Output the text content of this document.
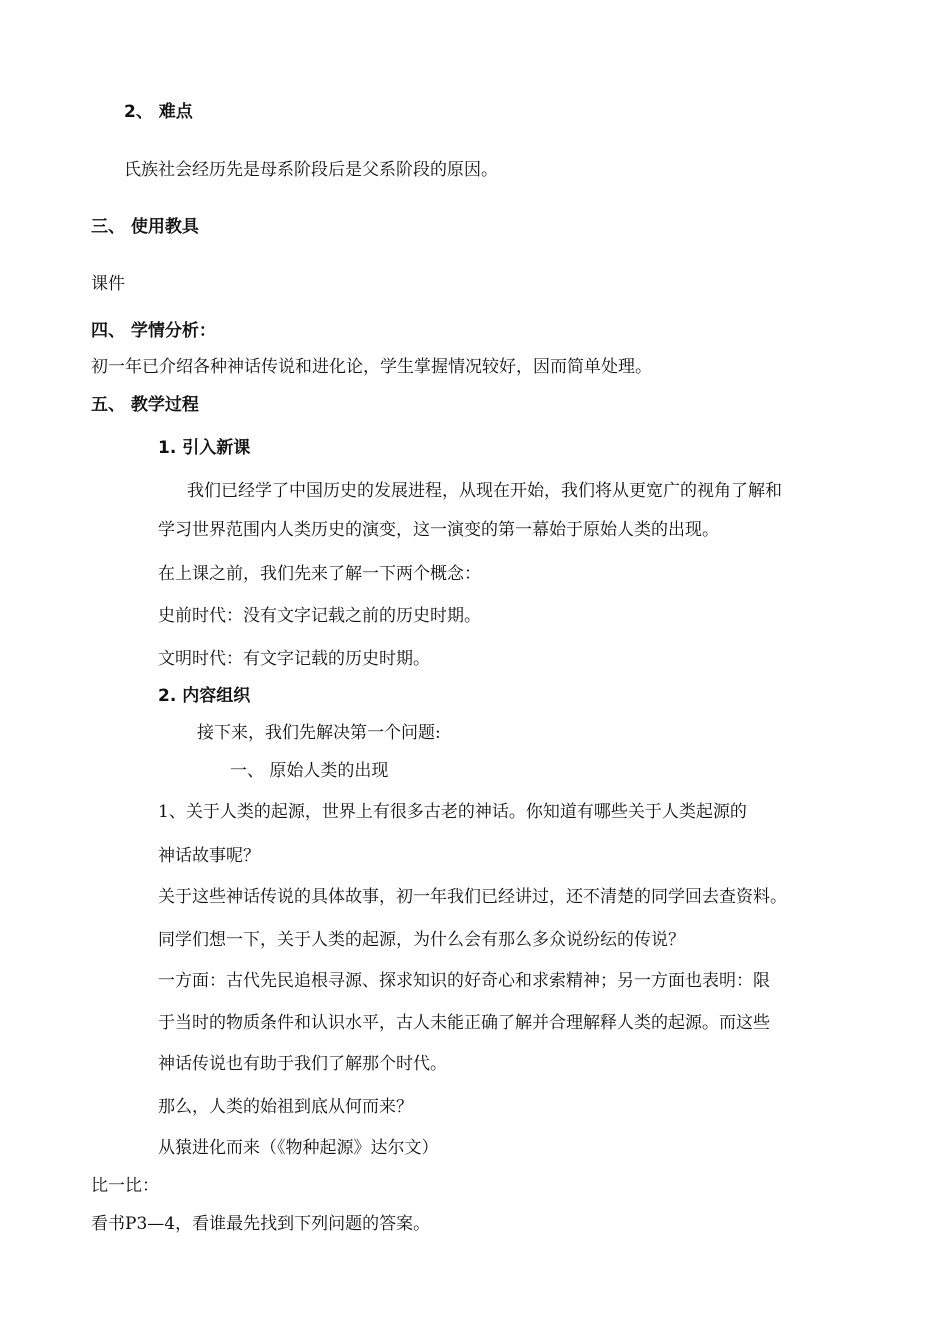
2、 难点
氏族社会经历先是母系阶段后是父系阶段的原因。
三、 使用教具
课件
四、 学情分析：
初一年已介绍各种神话传说和进化论，学生掌握情况较好，因而简单处理。
五、 教学过程
1. 引入新课
我们已经学了中国历史的发展进程，从现在开始，我们将从更宽广的视角了解和
学习世界范围内人类历史的演变，这一演变的第一幕始于原始人类的出现。
在上课之前，我们先来了解一下两个概念：
史前时代：没有文字记载之前的历史时期。
文明时代：有文字记载的历史时期。
2. 内容组织
接下来，我们先解决第一个问题:
一、 原始人类的出现
1、关于人类的起源，世界上有很多古老的神话。你知道有哪些关于人类起源的
神话故事呢？
关于这些神话传说的具体故事，初一年我们已经讲过，还不清楚的同学回去查资料。
同学们想一下，关于人类的起源，为什么会有那么多众说纷纭的传说？
一方面：古代先民追根寻源、探求知识的好奇心和求索精神；另一方面也表明：限
于当时的物质条件和认识水平，古人未能正确了解并合理解释人类的起源。而这些
神话传说也有助于我们了解那个时代。
那么，人类的始祖到底从何而来？
从猿进化而来（《物种起源》达尔文）
比一比：
看书P3—4，看谁最先找到下列问题的答案。
